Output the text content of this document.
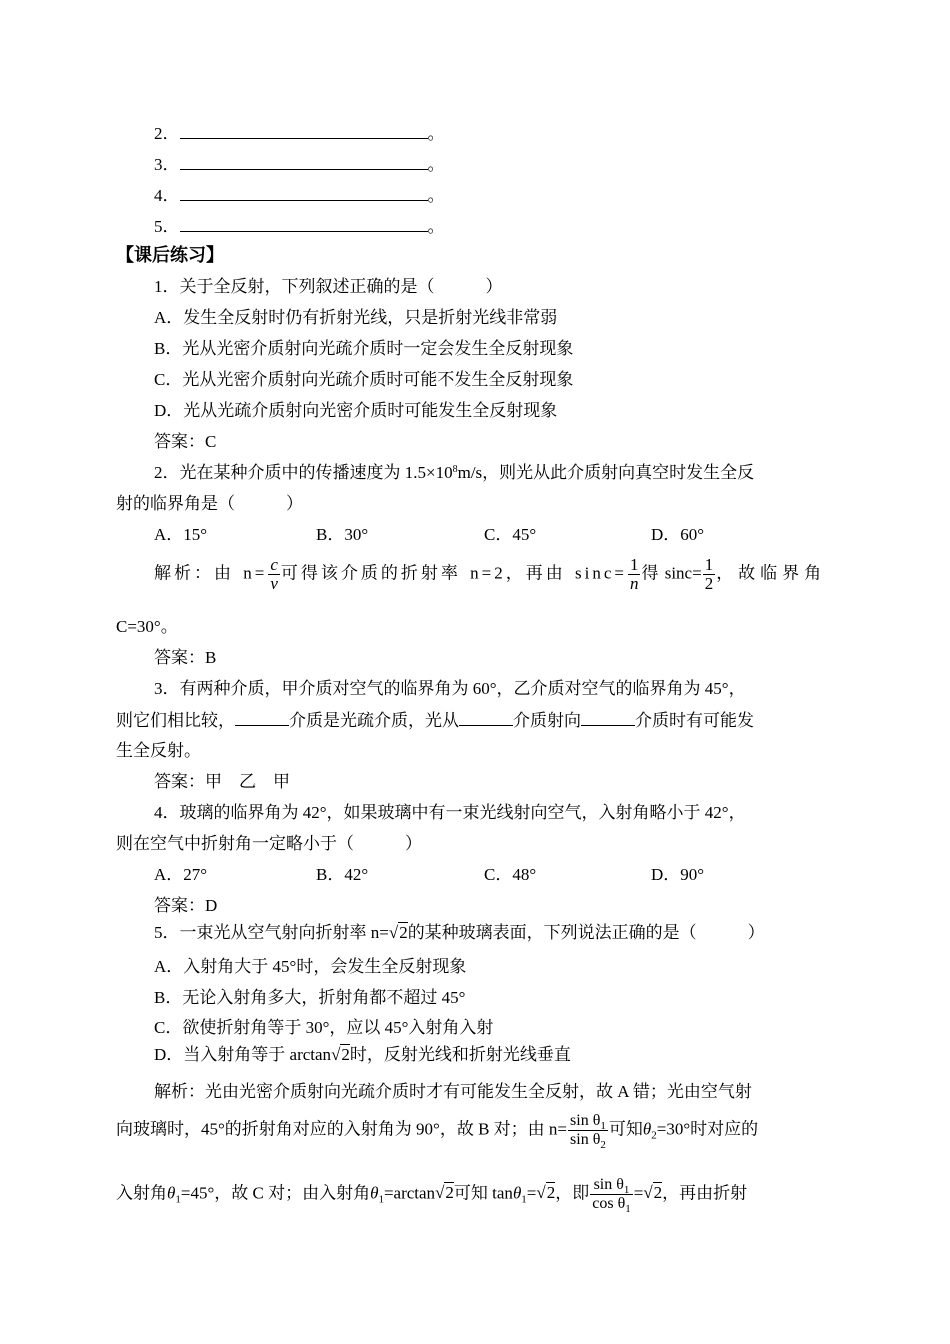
2．	。
3．	。
4．	。
5．	。
【课后练习】
1．关于全反射，下列叙述正确的是（　　　）
A．发生全反射时仍有折射光线，只是折射光线非常弱
B．光从光密介质射向光疏介质时一定会发生全反射现象
C．光从光密介质射向光疏介质时可能不发生全反射现象
D．光从光疏介质射向光密介质时可能发生全反射现象
答案：C
2．光在某种介质中的传播速度为 $1.5\times 10^8m/s$，则光从此介质射向真空时发生全反
射的临界角是（　　　）
A．15°	B．30°	C．45°	D．60°
解析：由 $n= \frac{c}{v}$ 可得该介质的折射率 n=2，再由 $\sin c= \frac{1}{n}$ 得 $\sin c= \frac{1}{2}$ ，故临界角
C=30°。
答案：B
3．有两种介质，甲介质对空气的临界角为 60°，乙介质对空气的临界角为 45°，
则它们相比较，	介质是光疏介质，光从	介质射向	介质时有可能发
生全反射。
答案：甲　乙　甲
4．玻璃的临界角为 42°，如果玻璃中有一束光线射向空气，入射角略小于 42°，
则在空气中折射角一定略小于（　　　）
A．27°	B．42°	C．48°	D．90°
答案：D
5．一束光从空气射向折射率 n=√2的某种玻璃表面，下列说法正确的是（　　　）
A．入射角大于 45°时，会发生全反射现象
B．无论入射角多大，折射角都不超过 45°
C．欲使折射角等于 30°，应以 45°入射角入射
D．当入射角等于 arctan√2时，反射光线和折射光线垂直
解析：光由光密介质射向光疏介质时才有可能发生全反射，故 A 错；光由空气射
向玻璃时，45°的折射角对应的入射角为 90°，故 B 对；由 $n= \frac{\sin \theta_1}{\sin \theta_2}$ 可知$\theta_2=30^\circ$时对应的
入射角$\theta_1=45^\circ$，故 C 对；由入射角$\theta_1=\arctan√2$可知 tanθ$_1$=√2，即 $\frac{\sin \theta_1}{\cos \theta_1} =√2$，再由折射
